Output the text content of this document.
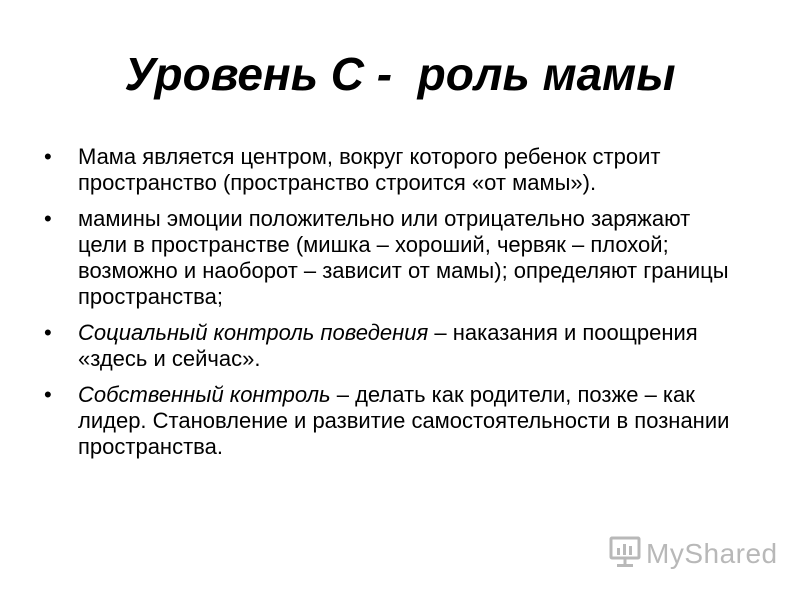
Уровень С -  роль мамы
• Мама является центром, вокруг которого ребенок строит пространство (пространство строится «от мамы»).
• мамины эмоции положительно или отрицательно заряжают цели в пространстве (мишка – хороший, червяк – плохой; возможно и наоборот – зависит от мамы); определяют границы пространства;
• Социальный контроль поведения – наказания и поощрения «здесь и сейчас».
• Собственный контроль – делать как родители, позже – как лидер. Становление и развитие самостоятельности в познании пространства.
MyShared
